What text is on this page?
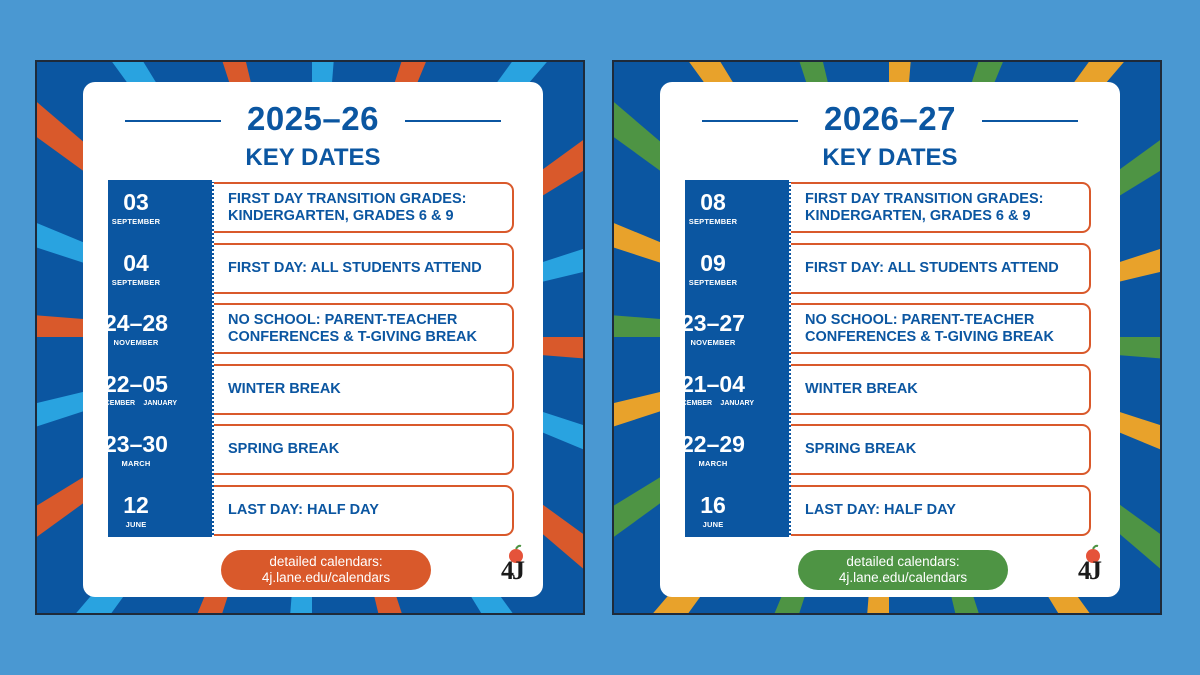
2025–26
KEY DATES
03
SEPTEMBER
04
SEPTEMBER
24–28
NOVEMBER
22–05
DECEMBER JANUARY
23–30
MARCH
12
JUNE
FIRST DAY TRANSITION GRADES:
KINDERGARTEN, GRADES 6 & 9
FIRST DAY: ALL STUDENTS ATTEND
NO SCHOOL: PARENT-TEACHER
CONFERENCES & T-GIVING BREAK
WINTER BREAK
SPRING BREAK
LAST DAY: HALF DAY
detailed calendars:
4j.lane.edu/calendars	4J
2026–27
KEY DATES
08
SEPTEMBER
09
SEPTEMBER
23–27
NOVEMBER
21–04
DECEMBER JANUARY
22–29
MARCH
16
JUNE
FIRST DAY TRANSITION GRADES:
KINDERGARTEN, GRADES 6 & 9
FIRST DAY: ALL STUDENTS ATTEND
NO SCHOOL: PARENT-TEACHER
CONFERENCES & T-GIVING BREAK
WINTER BREAK
SPRING BREAK
LAST DAY: HALF DAY
detailed calendars:
4j.lane.edu/calendars	4J
